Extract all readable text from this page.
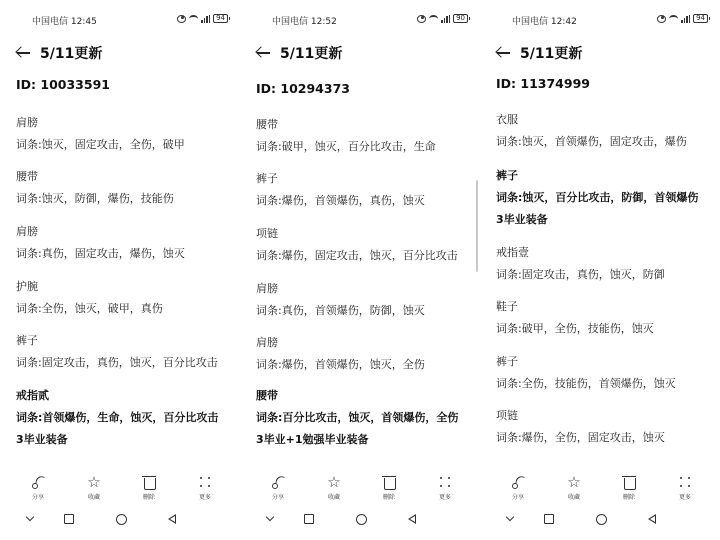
中国电信 12:45	94
5/11更新
ID: 10033591
肩膀
词条:蚀灭，固定攻击，全伤，破甲
腰带
词条:蚀灭，防御，爆伤，技能伤
肩膀
词条:真伤，固定攻击，爆伤，蚀灭
护腕
词条:全伤，蚀灭，破甲，真伤
裤子
词条:固定攻击，真伤，蚀灭，百分比攻击
戒指贰
词条:首领爆伤，生命，蚀灭，百分比攻击
3毕业装备
分享
☆
收藏	删除	更多
中国电信 12:52	90
5/11更新
ID: 10294373
腰带
词条:破甲，蚀灭，百分比攻击，生命
裤子
词条:爆伤，首领爆伤，真伤，蚀灭
项链
词条:爆伤，固定攻击，蚀灭，百分比攻击
肩膀
词条:真伤，首领爆伤，防御，蚀灭
肩膀
词条:爆伤，首领爆伤，蚀灭，全伤
腰带
词条:百分比攻击，蚀灭，首领爆伤，全伤
3毕业+1勉强毕业装备
分享
☆
收藏	删除	更多
中国电信 12:42	94
5/11更新
ID: 11374999
衣服
词条:蚀灭，首领爆伤，固定攻击，爆伤
裤子
词条:蚀灭，百分比攻击，防御，首领爆伤
3毕业装备
戒指壹
词条:固定攻击，真伤，蚀灭，防御
鞋子
词条:破甲，全伤，技能伤，蚀灭
裤子
词条:全伤，技能伤，首领爆伤，蚀灭
项链
词条:爆伤，全伤，固定攻击，蚀灭
分享
☆
收藏	删除	更多
